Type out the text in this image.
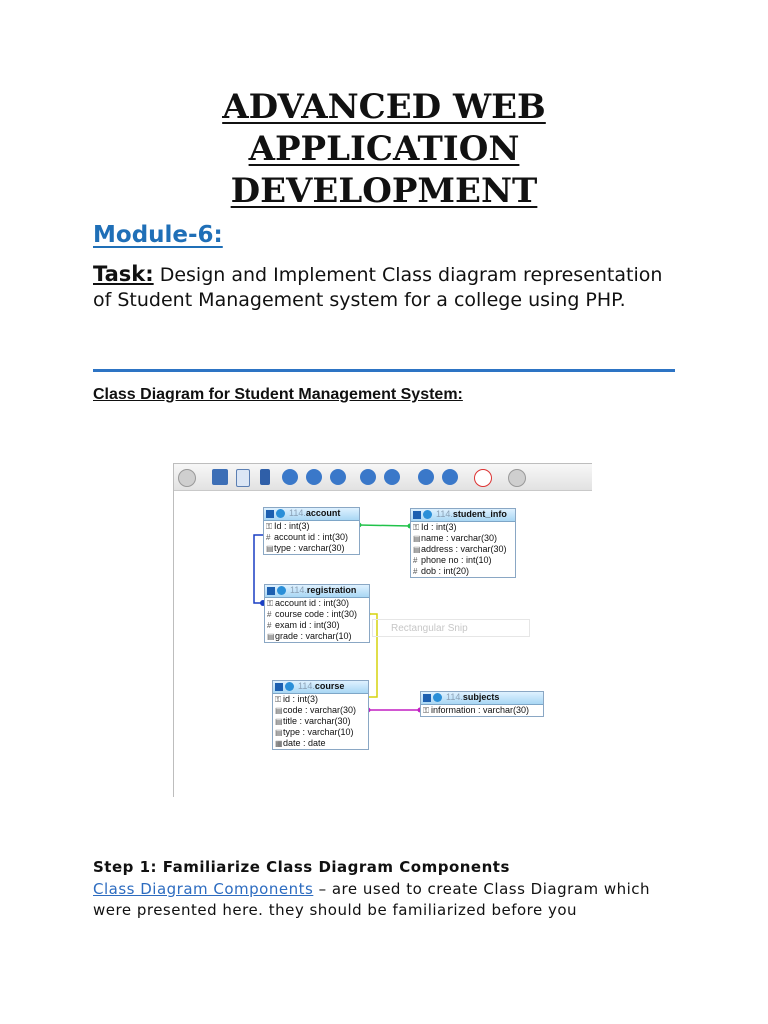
ADVANCED WEB
APPLICATION
DEVELOPMENT
Module-6:
Task: Design and Implement Class diagram representation of Student Management system for a college using PHP.
Class Diagram for Student Management System:
Rectangular Snip
114.account
⚿ Id : int(3)
# account id : int(30)
▤type : varchar(30)
114.student_info
⚿ Id : int(3)
▤name : varchar(30)
▤address : varchar(30)
# phone no : int(10)
# dob : int(20)
114.registration
⚿ account id : int(30)
# course code : int(30)
# exam id : int(30)
▤grade : varchar(10)
114.course
⚿ id : int(3)
▤code : varchar(30)
▤title : varchar(30)
▤type : varchar(10)
▦date : date
114.subjects
⚿ information : varchar(30)
Step 1: Familiarize Class Diagram Components
Class Diagram Components – are used to create Class Diagram which were presented here. they should be familiarized before you
